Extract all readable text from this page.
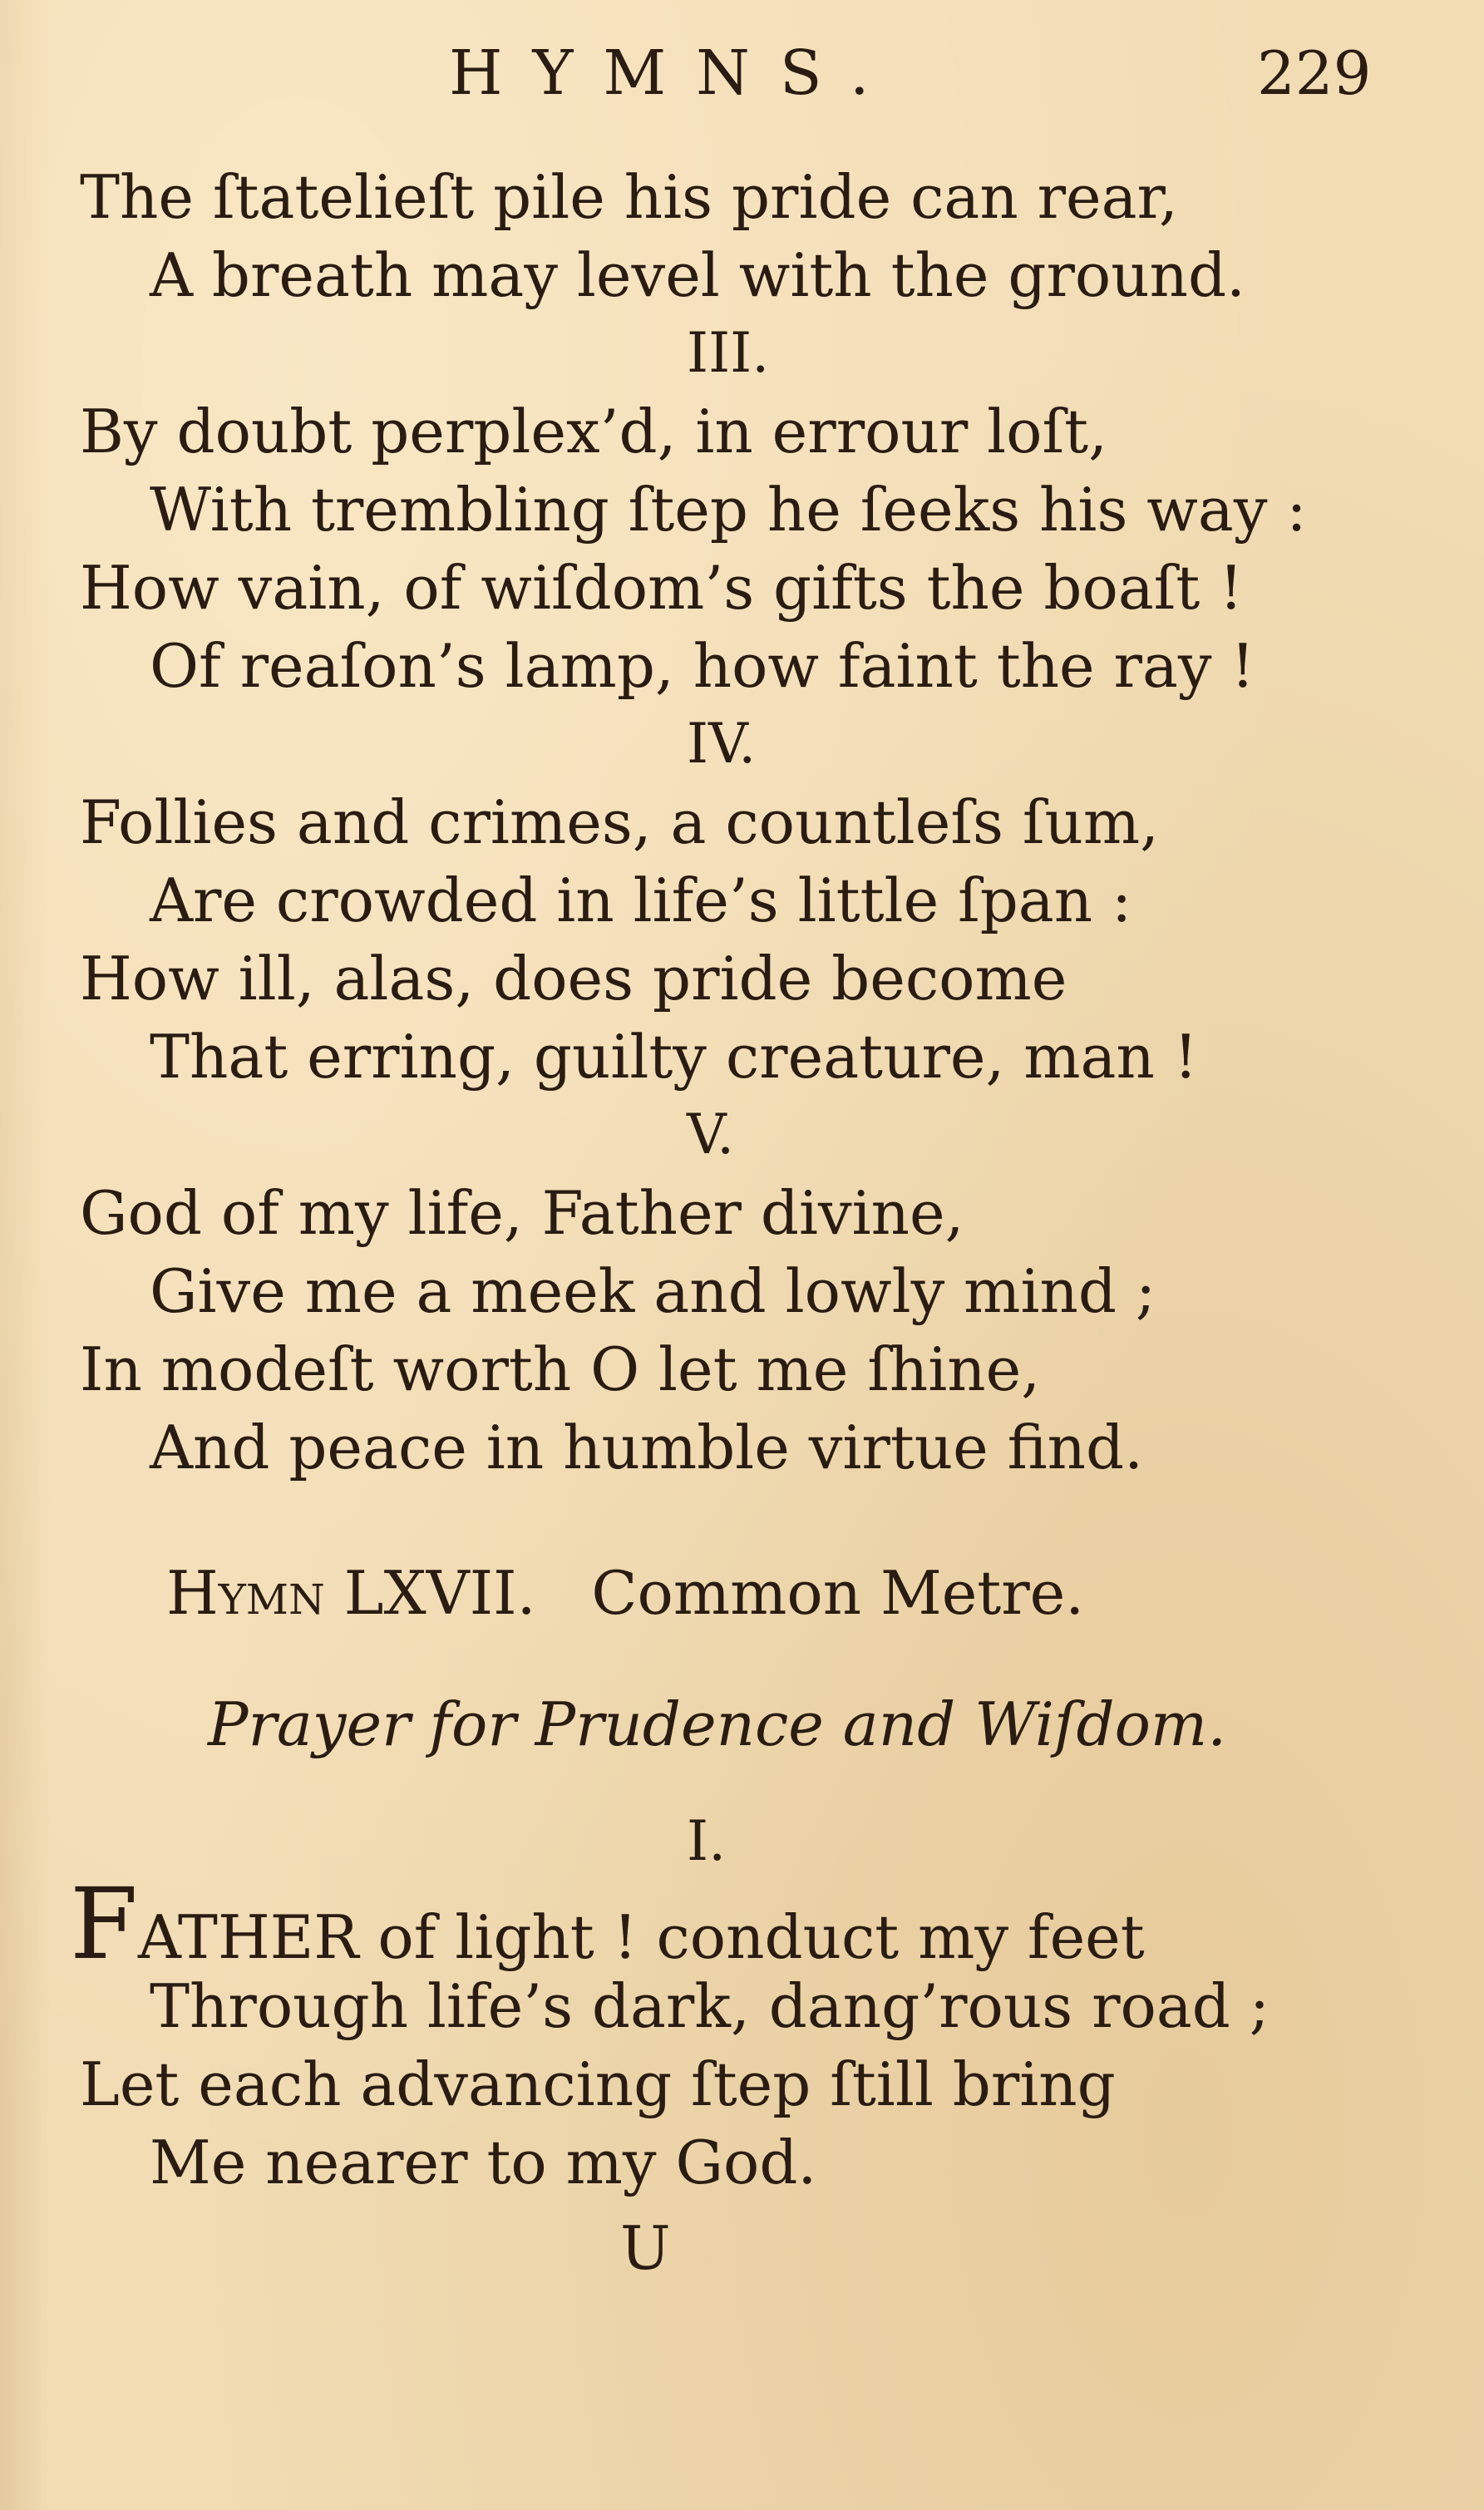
HYMNS.	229
The ſtatelieſt pile his pride can rear,
A breath may level with the ground.
III.
By doubt perplex’d, in errour loſt,
With trembling ſtep he ſeeks his way :
How vain, of wiſdom’s gifts the boaſt !
Of reaſon’s lamp, how faint the ray !
IV.
Follies and crimes, a countleſs ſum,
Are crowded in life’s little ſpan :
How ill, alas, does pride become
That erring, guilty creature, man !
V.
God of my life, Father divine,
Give me a meek and lowly mind ;
In modeſt worth O let me ſhine,
And peace in humble virtue find.
Hymn LXVII. Common Metre.
Prayer for Prudence and Wiſdom.
I.
FATHER of light ! conduct my feet
Through life’s dark, dang’rous road ;
Let each advancing ſtep ſtill bring
Me nearer to my God.
U
